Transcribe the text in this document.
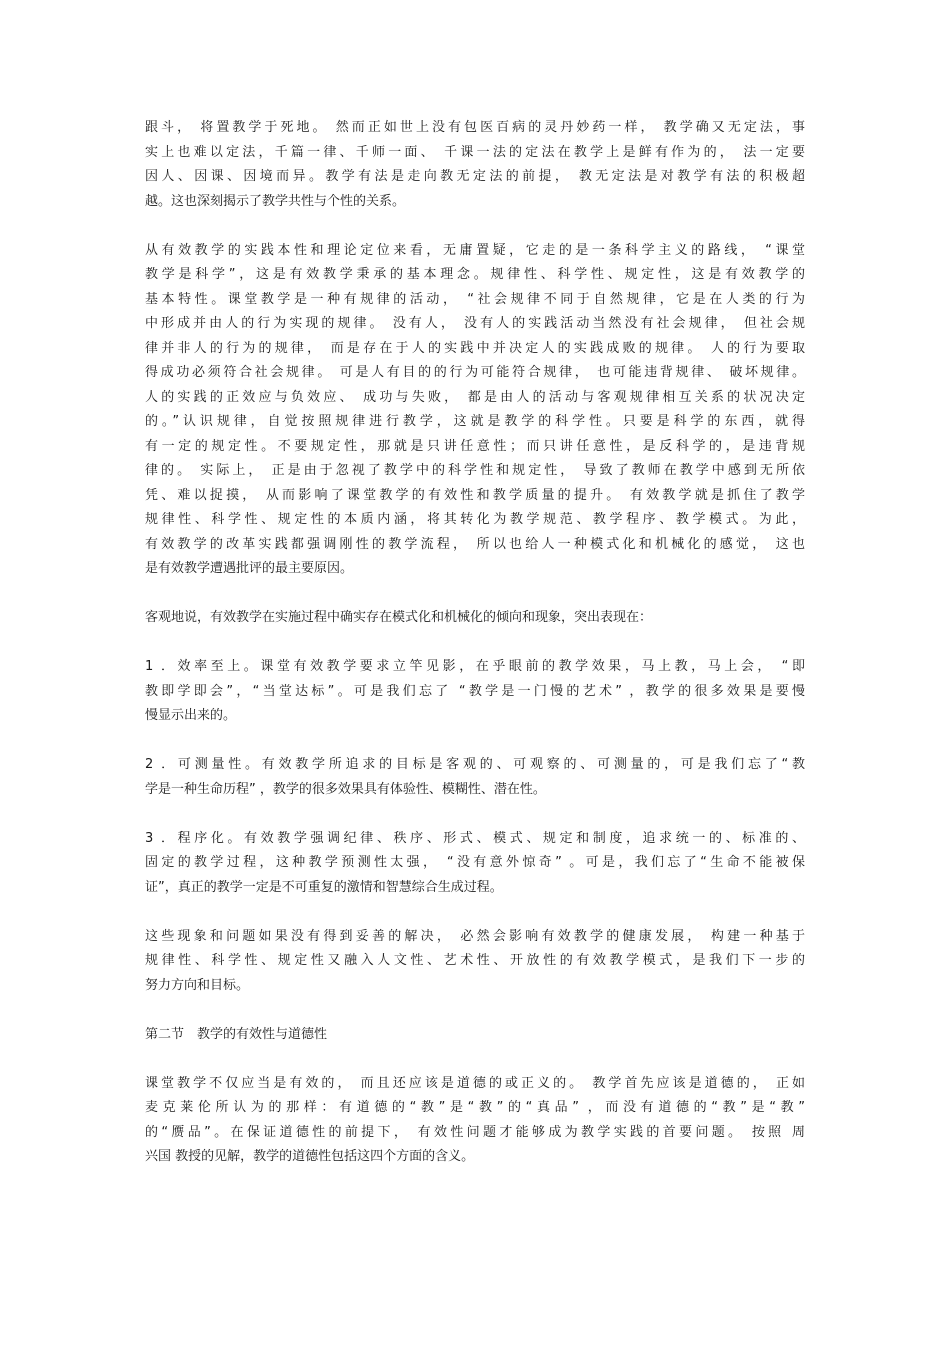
跟斗， 将置教学于死地。 然而正如世上没有包医百病的灵丹妙药一样， 教学确又无定法，事
实上也难以定法，千篇一律、千师一面、 千课一法的定法在教学上是鲜有作为的， 法一定要
因人、因课、因境而异。教学有法是走向教无定法的前提， 教无定法是对教学有法的积极超
越。这也深刻揭示了教学共性与个性的关系。
从有效教学的实践本性和理论定位来看，无庸置疑，它走的是一条科学主义的路线， “课堂
教学是科学”，这是有效教学秉承的基本理念。规律性、科学性、规定性，这是有效教学的
基本特性。课堂教学是一种有规律的活动， “社会规律不同于自然规律，它是在人类的行为
中形成并由人的行为实现的规律。 没有人， 没有人的实践活动当然没有社会规律， 但社会规
律并非人的行为的规律， 而是存在于人的实践中并决定人的实践成败的规律。 人的行为要取
得成功必须符合社会规律。 可是人有目的的行为可能符合规律， 也可能违背规律、 破坏规律。
人的实践的正效应与负效应、 成功与失败， 都是由人的活动与客观规律相互关系的状况决定
的。”认识规律，自觉按照规律进行教学，这就是教学的科学性。只要是科学的东西，就得
有一定的规定性。不要规定性，那就是只讲任意性；而只讲任意性，是反科学的，是违背规
律的。 实际上， 正是由于忽视了教学中的科学性和规定性， 导致了教师在教学中感到无所依
凭、难以捉摸， 从而影响了课堂教学的有效性和教学质量的提升。 有效教学就是抓住了教学
规律性、科学性、规定性的本质内涵，将其转化为教学规范、教学程序、教学模式。为此，
有效教学的改革实践都强调刚性的教学流程， 所以也给人一种模式化和机械化的感觉， 这也
是有效教学遭遇批评的最主要原因。
客观地说，有效教学在实施过程中确实存在模式化和机械化的倾向和现象，突出表现在：
1 ．效率至上。课堂有效教学要求立竿见影，在乎眼前的教学效果，马上教，马上会， “即
教即学即会”，“当堂达标”。可是我们忘了 “教学是一门慢的艺术” ，教学的很多效果是要慢
慢显示出来的。
2 ．可测量性。有效教学所追求的目标是客观的、可观察的、可测量的，可是我们忘了“教
学是一种生命历程” ，教学的很多效果具有体验性、模糊性、潜在性。
3 ．程序化。有效教学强调纪律、秩序、形式、模式、规定和制度，追求统一的、标准的、
固定的教学过程，这种教学预测性太强， “没有意外惊奇” 。可是，我们忘了“生命不能被保
证”，真正的教学一定是不可重复的激情和智慧综合生成过程。
这些现象和问题如果没有得到妥善的解决， 必然会影响有效教学的健康发展， 构建一种基于
规律性、科学性、规定性又融入人文性、艺术性、开放性的有效教学模式，是我们下一步的
努力方向和目标。
第二节　教学的有效性与道德性
课堂教学不仅应当是有效的， 而且还应该是道德的或正义的。 教学首先应该是道德的， 正如
麦克莱伦所认为的那样：有道德的“教”是“教”的“真品” ，而没有道德的“教”是“教”
的“赝品”。在保证道德性的前提下， 有效性问题才能够成为教学实践的首要问题。 按照 周
兴国 教授的见解，教学的道德性包括这四个方面的含义。
